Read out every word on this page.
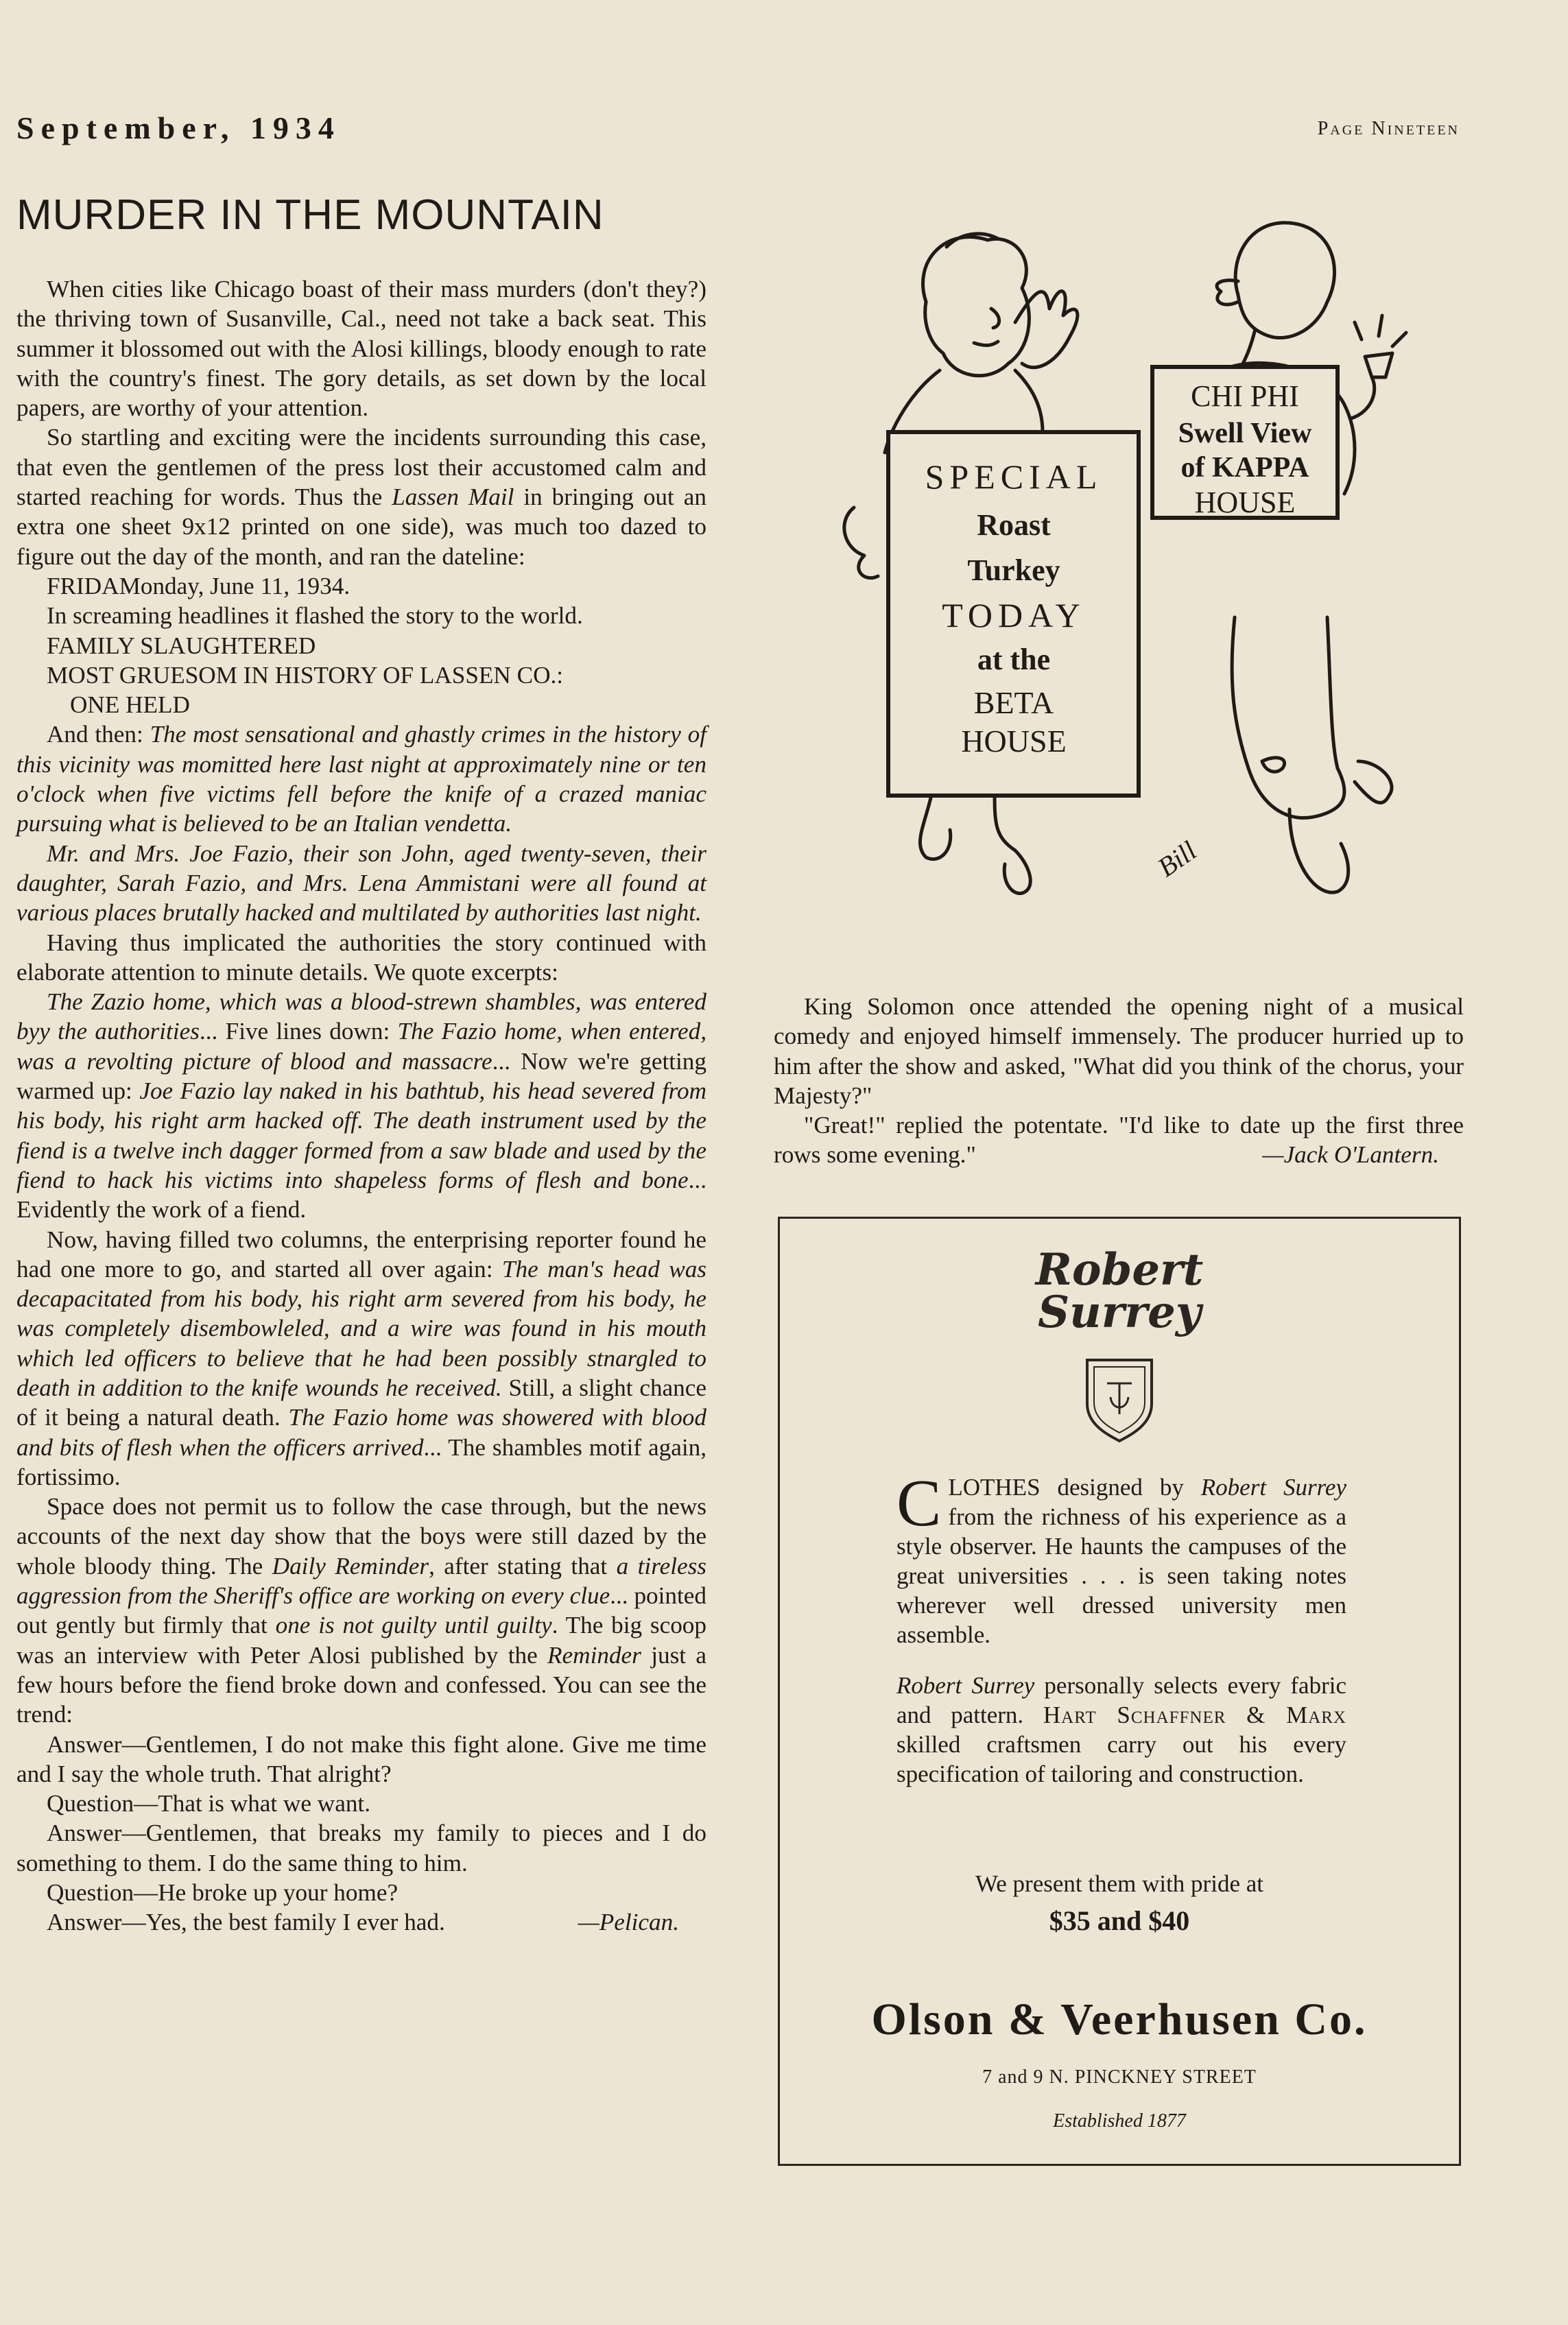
September, 1934	Page Nineteen
MURDER IN THE MOUNTAIN

When cities like Chicago boast of their mass murders (don't they?) the thriving town of Susanville, Cal., need not take a back seat. This summer it blossomed out with the Alosi killings, bloody enough to rate with the country's finest. The gory details, as set down by the local papers, are worthy of your attention.

So startling and exciting were the incidents surrounding this case, that even the gentlemen of the press lost their accustomed calm and started reaching for words. Thus the Lassen Mail in bringing out an extra one sheet 9x12 printed on one side), was much too dazed to figure out the day of the month, and ran the dateline:

FRIDAMonday, June 11, 1934.

In screaming headlines it flashed the story to the world.

FAMILY SLAUGHTERED

MOST GRUESOM IN HISTORY OF LASSEN CO.:

ONE HELD

And then: The most sensational and ghastly crimes in the history of this vicinity was momitted here last night at approximately nine or ten o'clock when five victims fell before the knife of a crazed maniac pursuing what is believed to be an Italian vendetta.

Mr. and Mrs. Joe Fazio, their son John, aged twenty-seven, their daughter, Sarah Fazio, and Mrs. Lena Ammistani were all found at various places brutally hacked and multilated by authorities last night.

Having thus implicated the authorities the story continued with elaborate attention to minute details. We quote excerpts:

The Zazio home, which was a blood-strewn shambles, was entered byy the authorities... Five lines down: The Fazio home, when entered, was a revolting picture of blood and massacre... Now we're getting warmed up: Joe Fazio lay naked in his bathtub, his head severed from his body, his right arm hacked off. The death instrument used by the fiend is a twelve inch dagger formed from a saw blade and used by the fiend to hack his victims into shapeless forms of flesh and bone... Evidently the work of a fiend.

Now, having filled two columns, the enterprising reporter found he had one more to go, and started all over again: The man's head was decapacitated from his body, his right arm severed from his body, he was completely disembowleled, and a wire was found in his mouth which led officers to believe that he had been possibly stnargled to death in addition to the knife wounds he received. Still, a slight chance of it being a natural death. The Fazio home was showered with blood and bits of flesh when the officers arrived... The shambles motif again, fortissimo.

Space does not permit us to follow the case through, but the news accounts of the next day show that the boys were still dazed by the whole bloody thing. The Daily Reminder, after stating that a tireless aggression from the Sheriff's office are working on every clue... pointed out gently but firmly that one is not guilty until guilty. The big scoop was an interview with Peter Alosi published by the Reminder just a few hours before the fiend broke down and confessed. You can see the trend:

Answer—Gentlemen, I do not make this fight alone. Give me time and I say the whole truth. That alright?

Question—That is what we want.

Answer—Gentlemen, that breaks my family to pieces and I do something to them. I do the same thing to him.

Question—He broke up your home?

Answer—Yes, the best family I ever had.	—Pelican.

SPECIAL
Roast
Turkey
TODAY
at the
BETA
HOUSE
CHI PHI
Swell View
of KAPPA
HOUSE
Bill

King Solomon once attended the opening night of a musical comedy and enjoyed himself immensely. The producer hurried up to him after the show and asked, "What did you think of the chorus, your Majesty?"

"Great!" replied the potentate. "I'd like to date up the first three rows some evening."	—Jack O'Lantern.

Robert
Surrey

CLOTHES designed by Robert Surrey from the richness of his experience as a style observer. He haunts the campuses of the great universities . . . is seen taking notes wherever well dressed university men assemble.

Robert Surrey personally selects every fabric and pattern. Hart Schaffner & Marx skilled craftsmen carry out his every specification of tailoring and construction.

We present them with pride at
$35 and $40
Olson & Veerhusen Co.
7 and 9 N. PINCKNEY STREET
Established 1877
